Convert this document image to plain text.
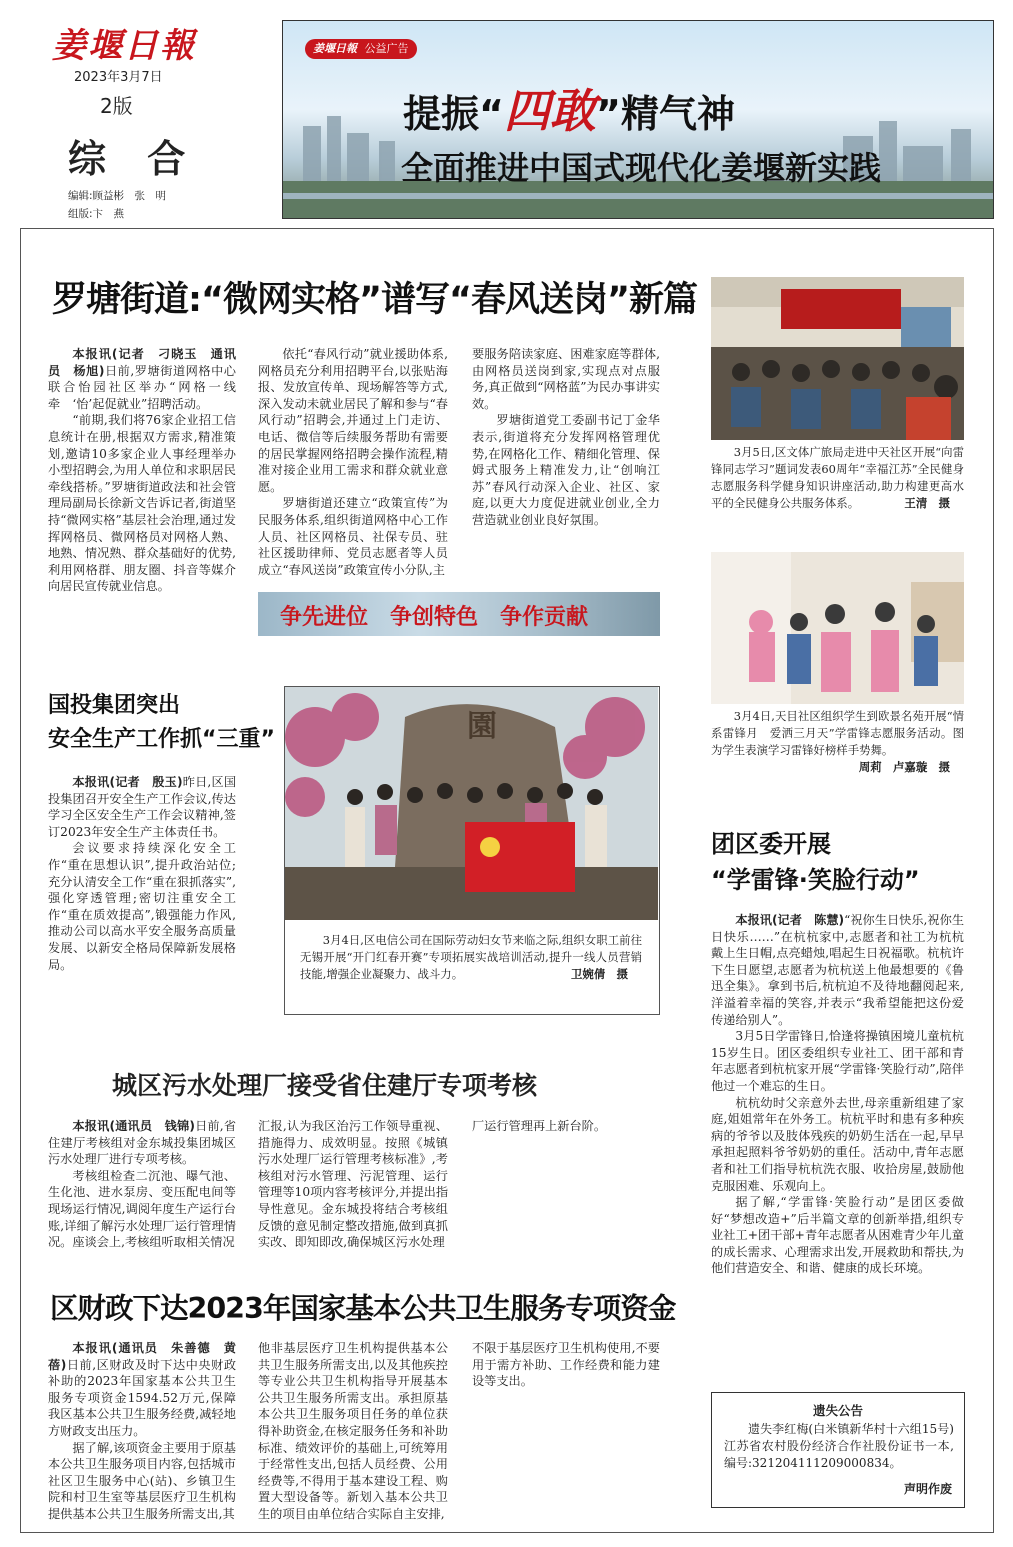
姜堰日報
2023年3月7日
2版
综 合
编辑:顾益彬　张　明
组版:卞　燕
姜堰日報 公益广告
提振“四敢”精气神
全面推进中国式现代化姜堰新实践
罗塘街道:“微网实格”谱写“春风送岗”新篇

本报讯(记者　刁晓玉　通讯员　杨旭)日前,罗塘街道网格中心联合怡园社区举办“网格一线牵　‘怡’起促就业”招聘活动。

“前期,我们将76家企业招工信息统计在册,根据双方需求,精准策划,邀请10多家企业人事经理举办小型招聘会,为用人单位和求职居民牵线搭桥。”罗塘街道政法和社会管理局副局长徐新文告诉记者,街道坚持“微网实格”基层社会治理,通过发挥网格员、微网格员对网格人熟、地熟、情况熟、群众基础好的优势,利用网格群、朋友圈、抖音等媒介向居民宣传就业信息。

依托“春风行动”就业援助体系,网格员充分利用招聘平台,以张贴海报、发放宣传单、现场解答等方式,深入发动未就业居民了解和参与“春风行动”招聘会,并通过上门走访、电话、微信等后续服务帮助有需要的居民掌握网络招聘会操作流程,精准对接企业用工需求和群众就业意愿。

罗塘街道还建立“政策宣传”为民服务体系,组织街道网格中心工作人员、社区网格员、社保专员、驻社区援助律师、党员志愿者等人员成立“春风送岗”政策宣传小分队,主

要服务陪读家庭、困难家庭等群体,由网格员送岗到家,实现点对点服务,真正做到“网格蓝”为民办事讲实效。

罗塘街道党工委副书记丁金华表示,街道将充分发挥网格管理优势,在网格化工作、精细化管理、保姆式服务上精准发力,让“创响江苏”春风行动深入企业、社区、家庭,以更大力度促进就业创业,全力营造就业创业良好氛围。

争先进位　争创特色　争作贡献
3月5日,区文体广旅局走进中天社区开展“向雷锋同志学习”题词发表60周年“幸福江苏”全民健身志愿服务科学健身知识讲座活动,助力构建更高水平的全民健身公共服务体系。	王清　摄
3月4日,天目社区组织学生到欧景名苑开展“情系雷锋月　爱洒三月天”学雷锋志愿服务活动。图为学生表演学习雷锋好榜样手势舞。
周莉　卢嘉璇　摄
国投集团突出
安全生产工作抓“三重”

本报讯(记者　殷玉)昨日,区国投集团召开安全生产工作会议,传达学习全区安全生产工作会议精神,签订2023年安全生产主体责任书。

会议要求持续深化安全工作“重在思想认识”,提升政治站位;充分认清安全工作“重在狠抓落实”,强化穿透管理;密切注重安全工作“重在质效提高”,锻强能力作风,推动公司以高水平安全服务高质量发展、以新安全格局保障新发展格局。

園
3月4日,区电信公司在国际劳动妇女节来临之际,组织女职工前往无锡开展“开门红春开赛”专项拓展实战培训活动,提升一线人员营销技能,增强企业凝聚力、战斗力。	卫婉倩　摄
团区委开展
“学雷锋·笑脸行动”

本报讯(记者　陈慧)“祝你生日快乐,祝你生日快乐……”在杭杭家中,志愿者和社工为杭杭戴上生日帽,点亮蜡烛,唱起生日祝福歌。杭杭许下生日愿望,志愿者为杭杭送上他最想要的《鲁迅全集》。拿到书后,杭杭迫不及待地翻阅起来,洋溢着幸福的笑容,并表示“我希望能把这份爱传递给别人”。

3月5日学雷锋日,恰逢将操镇困境儿童杭杭15岁生日。团区委组织专业社工、团干部和青年志愿者到杭杭家开展“学雷锋·笑脸行动”,陪伴他过一个难忘的生日。

杭杭幼时父亲意外去世,母亲重新组建了家庭,姐姐常年在外务工。杭杭平时和患有多种疾病的爷爷以及肢体残疾的奶奶生活在一起,早早承担起照料爷爷奶奶的重任。活动中,青年志愿者和社工们指导杭杭洗衣服、收拾房屋,鼓励他克服困难、乐观向上。

据了解,“学雷锋·笑脸行动”是团区委做好“梦想改造+”后半篇文章的创新举措,组织专业社工+团干部+青年志愿者从困难青少年儿童的成长需求、心理需求出发,开展救助和帮扶,为他们营造安全、和谐、健康的成长环境。

城区污水处理厂接受省住建厅专项考核

本报讯(通讯员　钱锦)日前,省住建厅考核组对金东城投集团城区污水处理厂进行专项考核。

考核组检查二沉池、曝气池、生化池、进水泵房、变压配电间等现场运行情况,调阅年度生产运行台账,详细了解污水处理厂运行管理情况。座谈会上,考核组听取相关情况

汇报,认为我区治污工作领导重视、措施得力、成效明显。按照《城镇污水处理厂运行管理考核标准》,考核组对污水管理、污泥管理、运行管理等10项内容考核评分,并提出指导性意见。金东城投将结合考核组反馈的意见制定整改措施,做到真抓实改、即知即改,确保城区污水处理

厂运行管理再上新台阶。

区财政下达2023年国家基本公共卫生服务专项资金

本报讯(通讯员　朱善德　黄蓓)日前,区财政及时下达中央财政补助的2023年国家基本公共卫生服务专项资金1594.52万元,保障我区基本公共卫生服务经费,减轻地方财政支出压力。

据了解,该项资金主要用于原基本公共卫生服务项目内容,包括城市社区卫生服务中心(站)、乡镇卫生院和村卫生室等基层医疗卫生机构提供基本公共卫生服务所需支出,其

他非基层医疗卫生机构提供基本公共卫生服务所需支出,以及其他疾控等专业公共卫生机构指导开展基本公共卫生服务所需支出。承担原基本公共卫生服务项目任务的单位获得补助资金,在核定服务任务和补助标准、绩效评价的基础上,可统筹用于经常性支出,包括人员经费、公用经费等,不得用于基本建设工程、购置大型设备等。新划入基本公共卫生的项目由单位结合实际自主安排,

不限于基层医疗卫生机构使用,不要用于需方补助、工作经费和能力建设等支出。

遗失公告
遗失李红梅(白米镇新华村十六组15号)江苏省农村股份经济合作社股份证书一本,编号:321204111209000834。
声明作废
